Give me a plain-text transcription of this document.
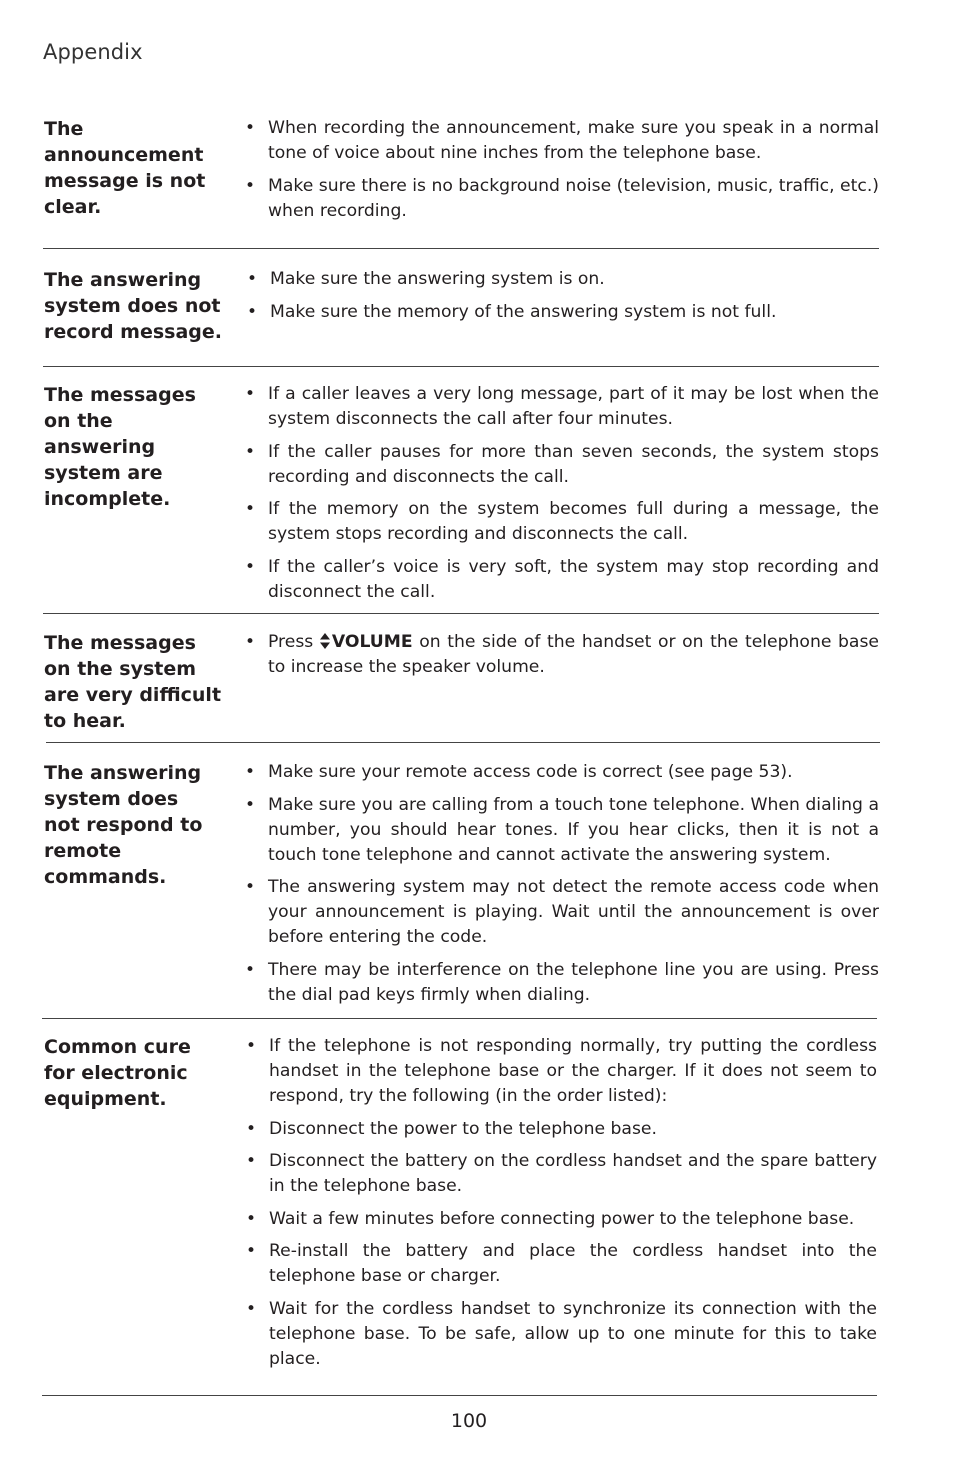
Appendix
The announcement message is not clear.
• When recording the announcement, make sure you speak in a normal tone of voice about nine inches from the telephone base.
• Make sure there is no background noise (television, music, traffic, etc.) when recording.
The answering system does not record message.
• Make sure the answering system is on.
• Make sure the memory of the answering system is not full.
The messages on the answering system are incomplete.
• If a caller leaves a very long message, part of it may be lost when the system disconnects the call after four minutes.
• If the caller pauses for more than seven seconds, the system stops recording and disconnects the call.
• If the memory on the system becomes full during a message, the system stops recording and disconnects the call.
• If the caller’s voice is very soft, the system may stop recording and disconnect the call.
The messages on the system are very difficult to hear.
• Press VOLUME on the side of the handset or on the telephone base to increase the speaker volume.
The answering system does not respond to remote commands.
• Make sure your remote access code is correct (see page 53).
• Make sure you are calling from a touch tone telephone. When dialing a number, you should hear tones. If you hear clicks, then it is not a touch tone telephone and cannot activate the answering system.
• The answering system may not detect the remote access code when your announcement is playing. Wait until the announcement is over before entering the code.
• There may be interference on the telephone line you are using. Press the dial pad keys firmly when dialing.
Common cure for electronic equipment.
• If the telephone is not responding normally, try putting the cordless handset in the telephone base or the charger. If it does not seem to respond, try the following (in the order listed):
• Disconnect the power to the telephone base.
• Disconnect the battery on the cordless handset and the spare battery in the telephone base.
• Wait a few minutes before connecting power to the telephone base.
• Re-install the battery and place the cordless handset into the telephone base or charger.
• Wait for the cordless handset to synchronize its connection with the telephone base. To be safe, allow up to one minute for this to take place.
100
